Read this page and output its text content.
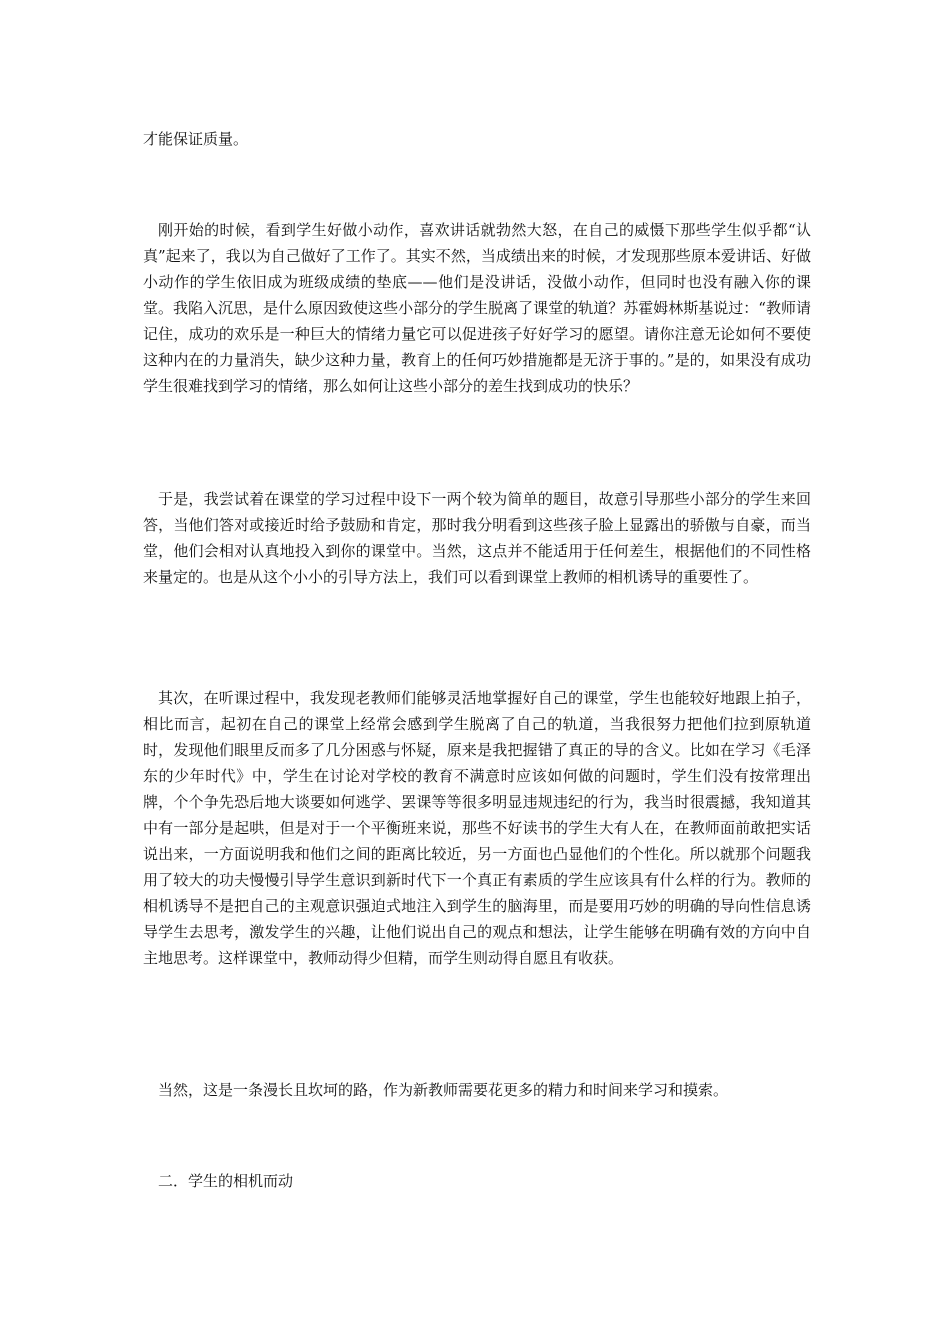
才能保证质量。

刚开始的时候，看到学生好做小动作，喜欢讲话就勃然大怒，在自己的威慑下那些学生似乎都“认真”起来了，我以为自己做好了工作了。其实不然，当成绩出来的时候，才发现那些原本爱讲话、好做小动作的学生依旧成为班级成绩的垫底——他们是没讲话，没做小动作，但同时也没有融入你的课堂。我陷入沉思，是什么原因致使这些小部分的学生脱离了课堂的轨道？苏霍姆林斯基说过：“教师请记住，成功的欢乐是一种巨大的情绪力量它可以促进孩子好好学习的愿望。请你注意无论如何不要使这种内在的力量消失，缺少这种力量，教育上的任何巧妙措施都是无济于事的。”是的，如果没有成功学生很难找到学习的情绪，那么如何让这些小部分的差生找到成功的快乐？

于是，我尝试着在课堂的学习过程中设下一两个较为简单的题目，故意引导那些小部分的学生来回答，当他们答对或接近时给予鼓励和肯定，那时我分明看到这些孩子脸上显露出的骄傲与自豪，而当堂，他们会相对认真地投入到你的课堂中。当然，这点并不能适用于任何差生，根据他们的不同性格来量定的。也是从这个小小的引导方法上，我们可以看到课堂上教师的相机诱导的重要性了。

其次，在听课过程中，我发现老教师们能够灵活地掌握好自己的课堂，学生也能较好地跟上拍子，相比而言，起初在自己的课堂上经常会感到学生脱离了自己的轨道，当我很努力把他们拉到原轨道时，发现他们眼里反而多了几分困惑与怀疑，原来是我把握错了真正的导的含义。比如在学习《毛泽东的少年时代》中，学生在讨论对学校的教育不满意时应该如何做的问题时，学生们没有按常理出牌，个个争先恐后地大谈要如何逃学、罢课等等很多明显违规违纪的行为，我当时很震撼，我知道其中有一部分是起哄，但是对于一个平衡班来说，那些不好读书的学生大有人在，在教师面前敢把实话说出来，一方面说明我和他们之间的距离比较近，另一方面也凸显他们的个性化。所以就那个问题我用了较大的功夫慢慢引导学生意识到新时代下一个真正有素质的学生应该具有什么样的行为。教师的相机诱导不是把自己的主观意识强迫式地注入到学生的脑海里，而是要用巧妙的明确的导向性信息诱导学生去思考，激发学生的兴趣，让他们说出自己的观点和想法，让学生能够在明确有效的方向中自主地思考。这样课堂中，教师动得少但精，而学生则动得自愿且有收获。

当然，这是一条漫长且坎坷的路，作为新教师需要花更多的精力和时间来学习和摸索。

二．学生的相机而动
